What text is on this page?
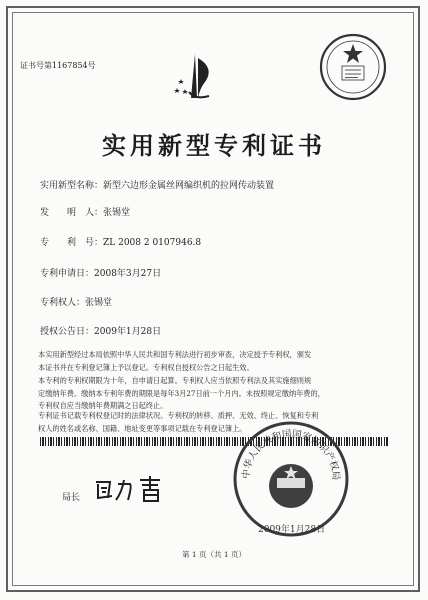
证书号第1167854号
实用新型专利证书
实用新型名称：新型六边形金属丝网编织机的拉网传动装置
发　　明　人：张锡堂
专　　利　号：ZL 2008 2 0107946.8
专利申请日：2008年3月27日
专利权人：张锡堂
授权公告日：2009年1月28日
本实用新型经过本局依照中华人民共和国专利法进行初步审查，决定授予专利权，颁发
本证书并在专利登记簿上予以登记。专利权自授权公告之日起生效。
本专利的专利权期限为十年，自申请日起算。专利权人应当依照专利法及其实施细则规
定缴纳年费。缴纳本专利年费的期限是每年3月27日前一个月内。未按照规定缴纳年费的，
专利权自应当缴纳年费期满之日起终止。
专利证书记载专利权登记时的法律状况。专利权的转移、质押、无效、终止、恢复和专利
权人的姓名或名称、国籍、地址变更等事项记载在专利登记簿上。
局长
中华人民共和国国家知识产权局
2009年1月28日
第 1 页（共 1 页）
